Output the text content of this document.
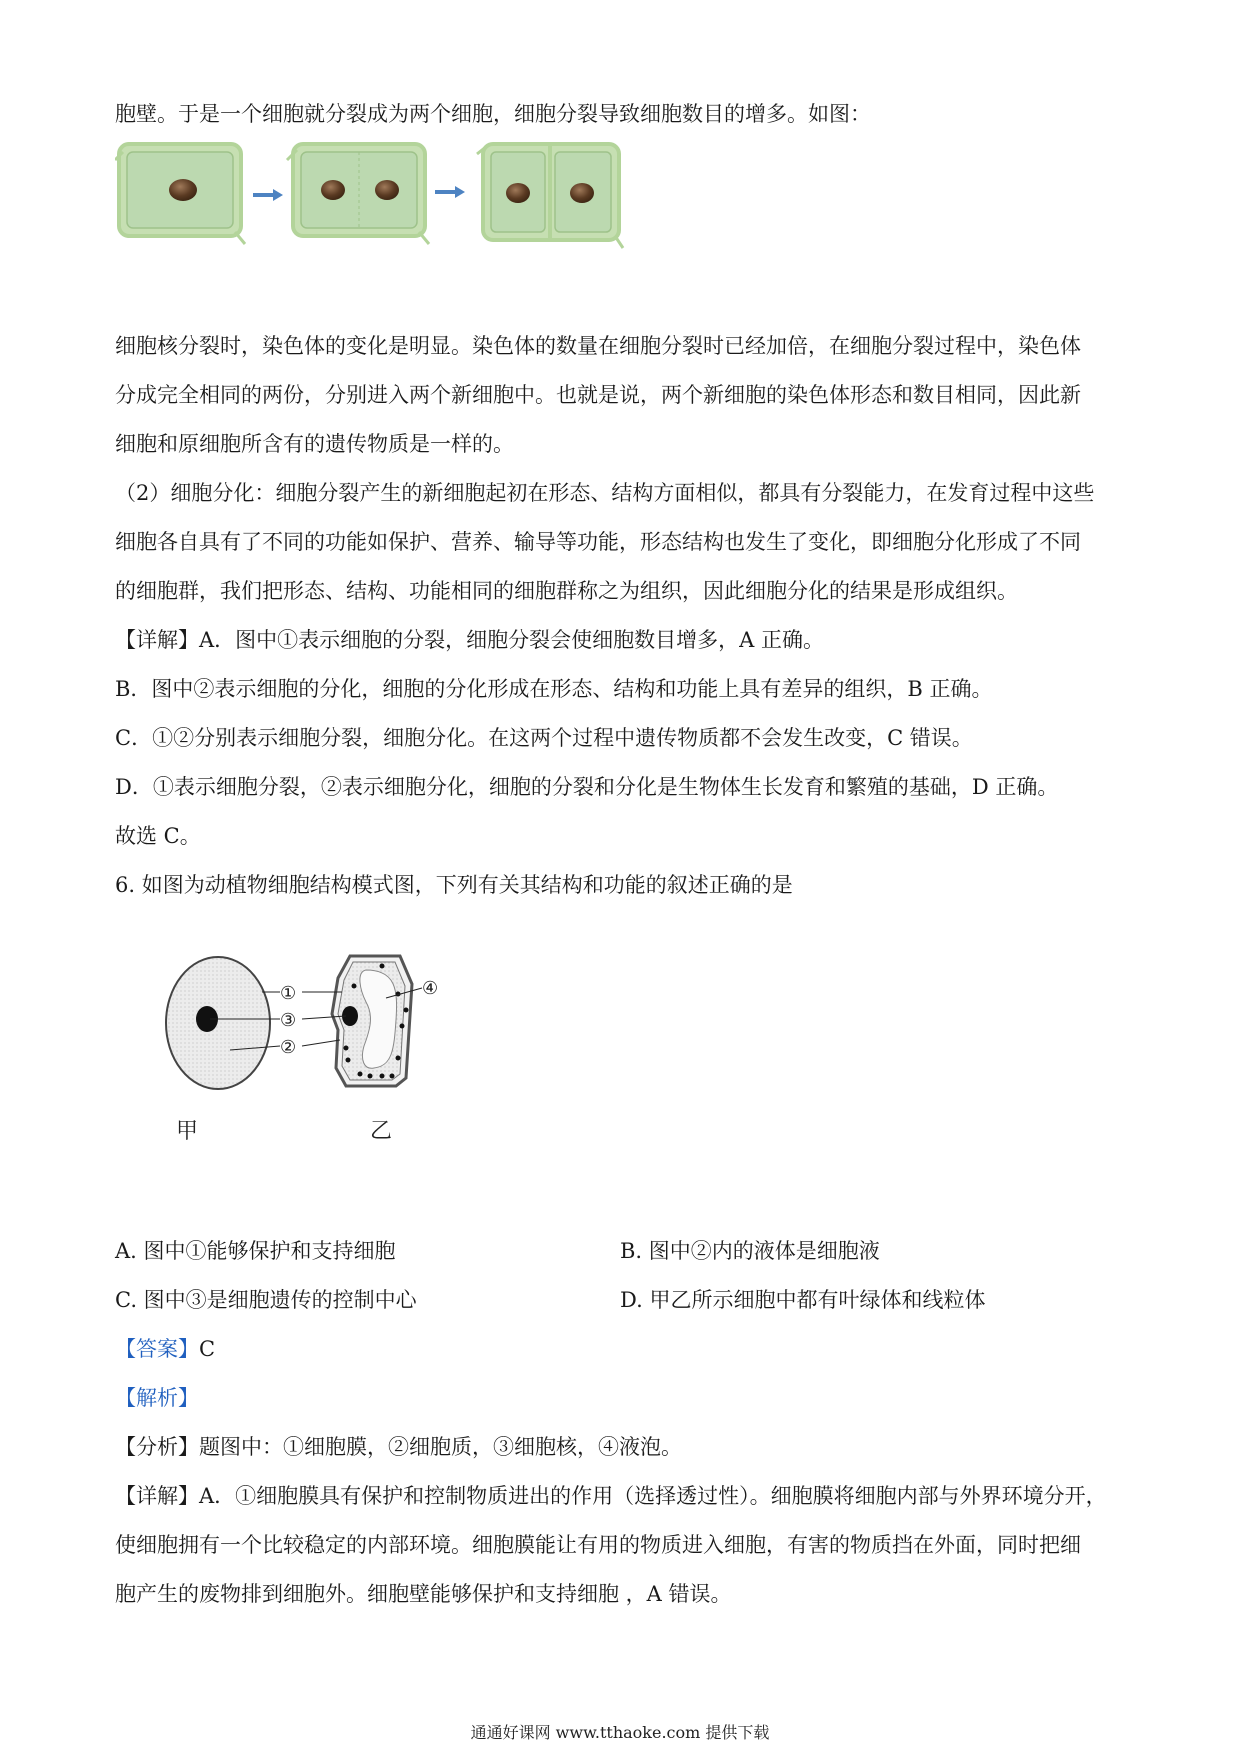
胞壁。于是一个细胞就分裂成为两个细胞，细胞分裂导致细胞数目的增多。如图：
细胞核分裂时，染色体的变化是明显。染色体的数量在细胞分裂时已经加倍，在细胞分裂过程中，染色体
分成完全相同的两份，分别进入两个新细胞中。也就是说，两个新细胞的染色体形态和数目相同，因此新
细胞和原细胞所含有的遗传物质是一样的。
（2）细胞分化：细胞分裂产生的新细胞起初在形态、结构方面相似，都具有分裂能力，在发育过程中这些
细胞各自具有了不同的功能如保护、营养、输导等功能，形态结构也发生了变化，即细胞分化形成了不同
的细胞群，我们把形态、结构、功能相同的细胞群称之为组织，因此细胞分化的结果是形成组织。
【详解】A．图中①表示细胞的分裂，细胞分裂会使细胞数目增多，A 正确。
B．图中②表示细胞的分化，细胞的分化形成在形态、结构和功能上具有差异的组织，B 正确。
C．①②分别表示细胞分裂，细胞分化。在这两个过程中遗传物质都不会发生改变，C 错误。
D．①表示细胞分裂，②表示细胞分化，细胞的分裂和分化是生物体生长发育和繁殖的基础，D 正确。
故选 C。
6. 如图为动植物细胞结构模式图，下列有关其结构和功能的叙述正确的是
①
③
②
④
甲	乙
A. 图中①能够保护和支持细胞	B. 图中②内的液体是细胞液
C. 图中③是细胞遗传的控制中心	D. 甲乙所示细胞中都有叶绿体和线粒体
【答案】C
【解析】
【分析】题图中：①细胞膜，②细胞质，③细胞核，④液泡。
【详解】A．①细胞膜具有保护和控制物质进出的作用（选择透过性）。细胞膜将细胞内部与外界环境分开，
使细胞拥有一个比较稳定的内部环境。细胞膜能让有用的物质进入细胞，有害的物质挡在外面，同时把细
胞产生的废物排到细胞外。细胞壁能够保护和支持细胞 ，A 错误。
通通好课网 www.tthaoke.com 提供下载
